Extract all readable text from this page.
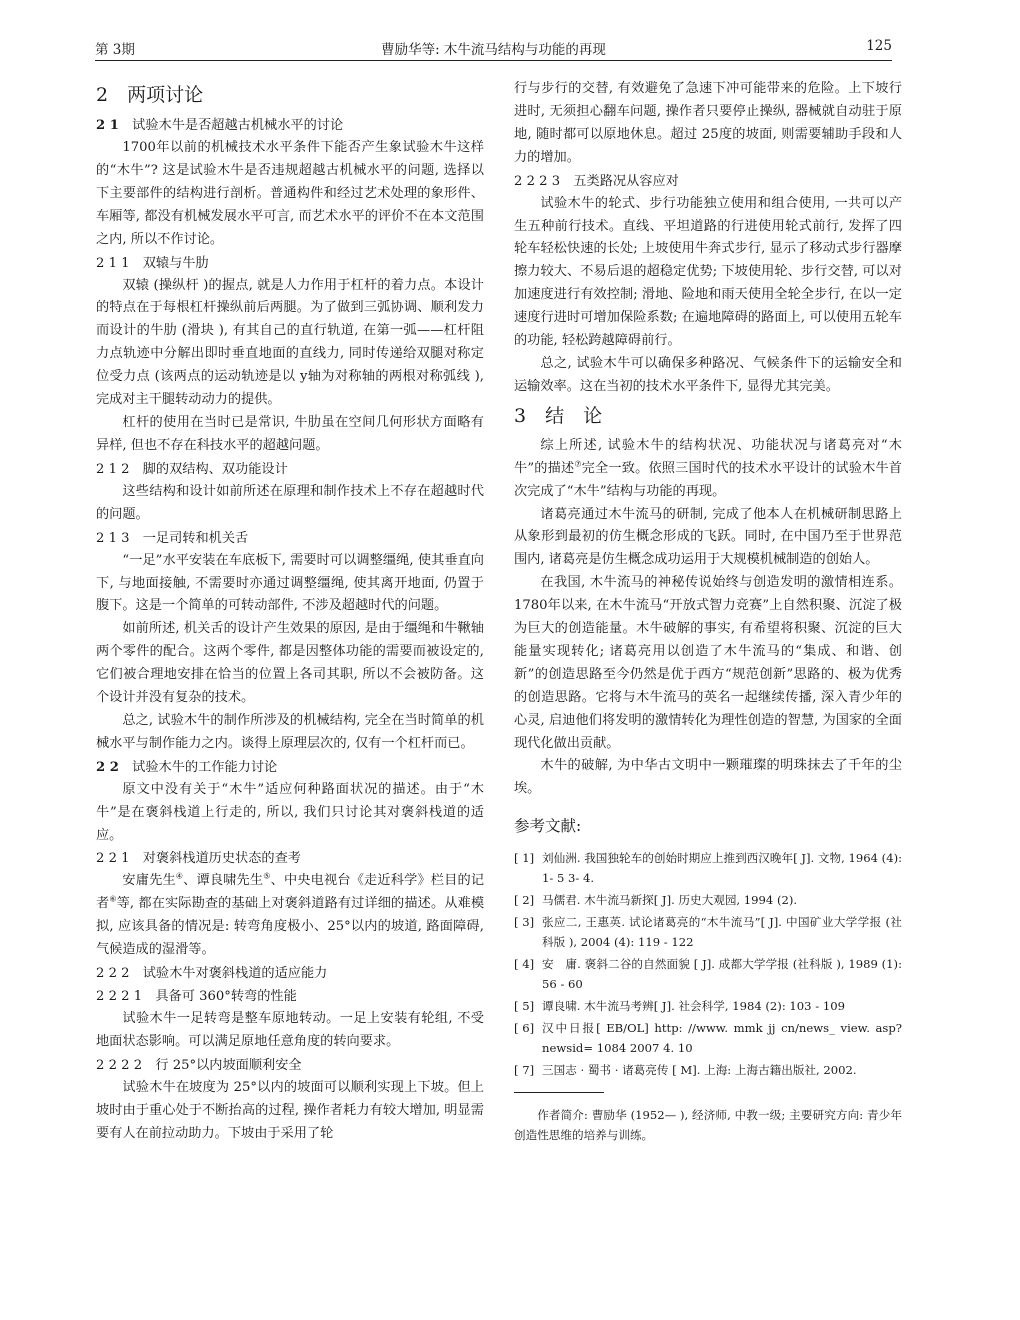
第 3期	曹励华等: 木牛流马结构与功能的再现	125
2　两项讨论
2 1　 试验木牛是否超越古机械水平的讨论

1700年以前的机械技术水平条件下能否产生象试验木牛这样的“木牛”? 这是试验木牛是否违规超越古机械水平的问题, 选择以下主要部件的结构进行剖析。普通构件和经过艺术处理的象形件、车厢等, 都没有机械发展水平可言, 而艺术水平的评价不在本文范围之内, 所以不作讨论。

2 1 1　双辕与牛肋

双辕 (操纵杆 )的握点, 就是人力作用于杠杆的着力点。本设计的特点在于每根杠杆操纵前后两腿。为了做到三弧协调、顺利发力而设计的牛肋 (滑块 ), 有其自己的直行轨道, 在第一弧——杠杆阻力点轨迹中分解出即时垂直地面的直线力, 同时传递给双腿对称定位受力点 (该两点的运动轨迹是以 y轴为对称轴的两根对称弧线 ), 完成对主干腿转动动力的提供。

杠杆的使用在当时已是常识, 牛肋虽在空间几何形状方面略有异样, 但也不存在科技水平的超越问题。

2 1 2　脚的双结构、双功能设计

这些结构和设计如前所述在原理和制作技术上不存在超越时代的问题。

2 1 3　一足司转和机关舌

“一足”水平安装在车底板下, 需要时可以调整缰绳, 使其垂直向下, 与地面接触, 不需要时亦通过调整缰绳, 使其离开地面, 仍置于腹下。这是一个简单的可转动部件, 不涉及超越时代的问题。

如前所述, 机关舌的设计产生效果的原因, 是由于缰绳和牛鞦轴两个零件的配合。这两个零件, 都是因整体功能的需要而被设定的, 它们被合理地安排在恰当的位置上各司其职, 所以不会被防备。这个设计并没有复杂的技术。

总之, 试验木牛的制作所涉及的机械结构, 完全在当时简单的机械水平与制作能力之内。谈得上原理层次的, 仅有一个杠杆而已。

2 2　 试验木牛的工作能力讨论

原文中没有关于“木牛”适应何种路面状况的描述。由于“木牛”是在褒斜栈道上行走的, 所以, 我们只讨论其对褒斜栈道的适应。

2 2 1　对褒斜栈道历史状态的查考

安庸先生④、谭良啸先生⑤、中央电视台《走近科学》栏目的记者⑥等, 都在实际勘查的基础上对褒斜道路有过详细的描述。从难模拟, 应该具备的情况是: 转弯角度极小、25°以内的坡道, 路面障碍, 气候造成的湿滑等。

2 2 2　试验木牛对褒斜栈道的适应能力
2 2 2 1　具备可 360°转弯的性能

试验木牛一足转弯是整车原地转动。一足上安装有轮组, 不受地面状态影响。可以满足原地任意角度的转向要求。

2 2 2 2　行 25°以内坡面顺利安全

试验木牛在坡度为 25°以内的坡面可以顺利实现上下坡。但上坡时由于重心处于不断抬高的过程, 操作者耗力有较大增加, 明显需要有人在前拉动助力。下坡由于采用了轮

行与步行的交替, 有效避免了急速下冲可能带来的危险。上下坡行进时, 无须担心翻车问题, 操作者只要停止操纵, 器械就自动驻于原地, 随时都可以原地休息。超过 25度的坡面, 则需要辅助手段和人力的增加。

2 2 2 3　五类路况从容应对

试验木牛的轮式、步行功能独立使用和组合使用, 一共可以产生五种前行技术。直线、平坦道路的行进使用轮式前行, 发挥了四轮车轻松快速的长处; 上坡使用牛奔式步行, 显示了移动式步行器摩擦力较大、不易后退的超稳定优势; 下坡使用轮、步行交替, 可以对加速度进行有效控制; 滑地、险地和雨天使用全轮全步行, 在以一定速度行进时可增加保险系数; 在遍地障碍的路面上, 可以使用五轮车的功能, 轻松跨越障碍前行。

总之, 试验木牛可以确保多种路况、气候条件下的运输安全和运输效率。这在当初的技术水平条件下, 显得尤其完美。

3　结　论

综上所述, 试验木牛的结构状况、功能状况与诸葛亮对“木牛”的描述⑦完全一致。依照三国时代的技术水平设计的试验木牛首次完成了“木牛”结构与功能的再现。

诸葛亮通过木牛流马的研制, 完成了他本人在机械研制思路上从象形到最初的仿生概念形成的飞跃。同时, 在中国乃至于世界范围内, 诸葛亮是仿生概念成功运用于大规模机械制造的创始人。

在我国, 木牛流马的神秘传说始终与创造发明的激情相连系。1780年以来, 在木牛流马“开放式智力竞赛”上自然积聚、沉淀了极为巨大的创造能量。木牛破解的事实, 有希望将积聚、沉淀的巨大能量实现转化; 诸葛亮用以创造了木牛流马的“集成、和谐、创新”的创造思路至今仍然是优于西方“规范创新”思路的、极为优秀的创造思路。它将与木牛流马的英名一起继续传播, 深入青少年的心灵, 启迪他们将发明的激情转化为理性创造的智慧, 为国家的全面现代化做出贡献。

木牛的破解, 为中华古文明中一颗璀璨的明珠抹去了千年的尘埃。

参考文献:
[ 1] 刘仙洲. 我国独轮车的创始时期应上推到西汉晚年[ J]. 文物, 1964 (4): 1- 5 3- 4.
[ 2] 马儒君. 木牛流马新探[ J]. 历史大观园, 1994 (2).
[ 3] 张应二, 王惠英. 试论诸葛亮的“木牛流马”[ J]. 中国矿业大学学报 (社科版 ), 2004 (4): 119 - 122
[ 4] 安　庸. 褒斜二谷的自然面貌 [ J]. 成都大学学报 (社科版 ), 1989 (1): 56 - 60
[ 5] 谭良啸. 木牛流马考辨[ J]. 社会科学, 1984 (2): 103 - 109
[ 6] 汉中日报[ EB/OL] http: //www. mmk jj cn/news_ view. asp? newsid= 1084 2007 4. 10
[ 7] 三国志 · 蜀书 · 诸葛亮传 [ M]. 上海: 上海古籍出版社, 2002.
作者简介: 曹励华 (1952— ), 经济师, 中教一级; 主要研究方向: 青少年创造性思维的培养与训练。
